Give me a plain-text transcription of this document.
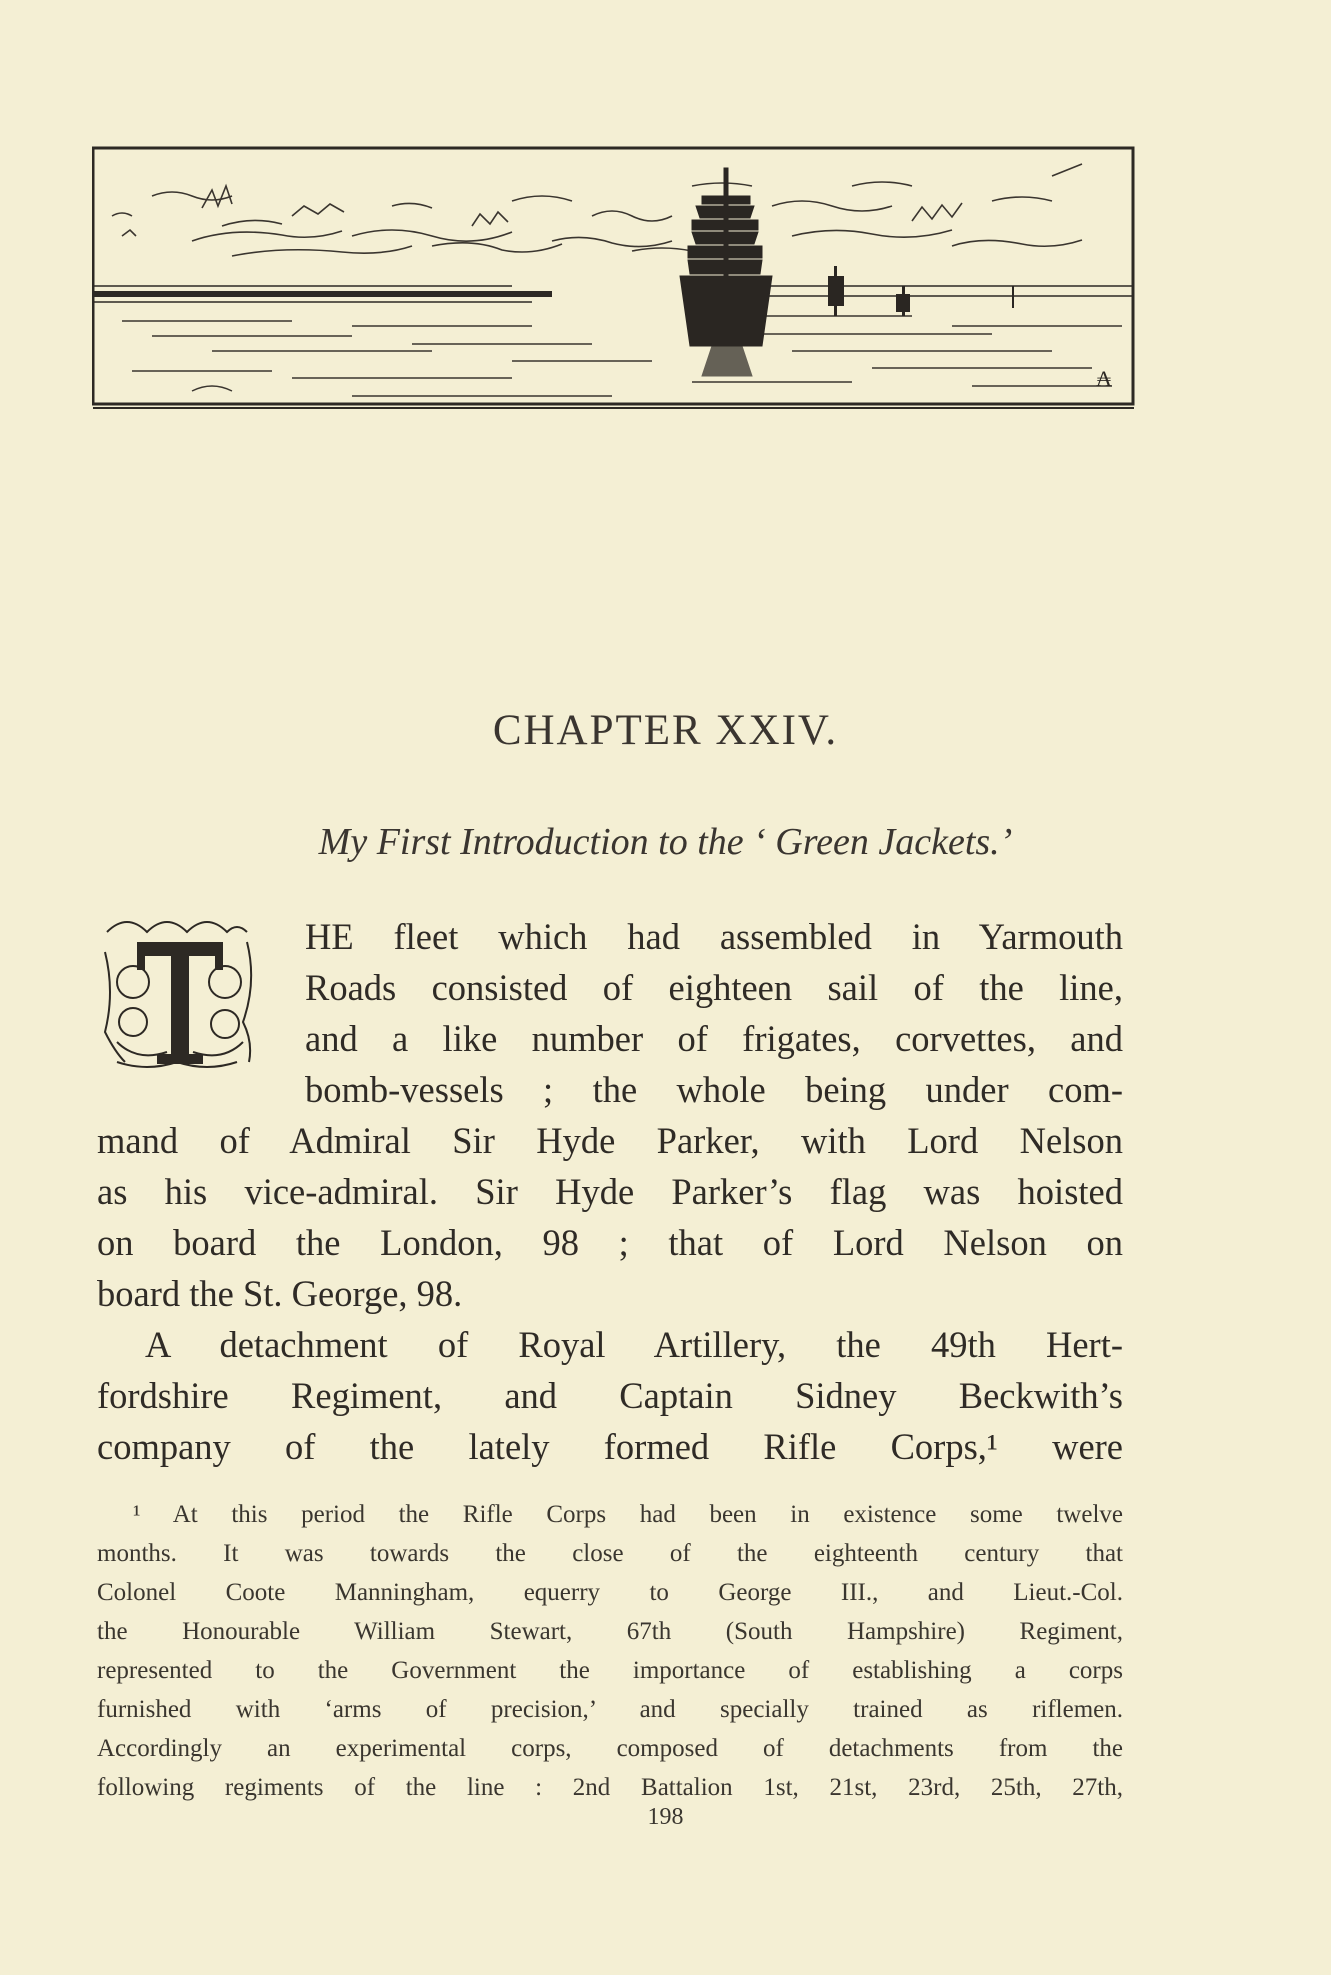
₳
CHAPTER XXIV.
My First Introduction to the ‘ Green Jackets.’
HE fleet which had assembled in Yarmouth
Roads consisted of eighteen sail of the line,
and a like number of frigates, corvettes, and
bomb-vessels ; the whole being under com-
mand of Admiral Sir Hyde Parker, with Lord Nelson
as his vice-admiral. Sir Hyde Parker’s flag was hoisted
on board the London, 98 ; that of Lord Nelson on
board the St. George, 98.
A detachment of Royal Artillery, the 49th Hert-
fordshire Regiment, and Captain Sidney Beckwith’s
company of the lately formed Rifle Corps,¹ were
¹ At this period the Rifle Corps had been in existence some twelve
months. It was towards the close of the eighteenth century that
Colonel Coote Manningham, equerry to George III., and Lieut.-Col.
the Honourable William Stewart, 67th (South Hampshire) Regiment,
represented to the Government the importance of establishing a corps
furnished with ‘arms of precision,’ and specially trained as riflemen.
Accordingly an experimental corps, composed of detachments from the
following regiments of the line : 2nd Battalion 1st, 21st, 23rd, 25th, 27th,
198
